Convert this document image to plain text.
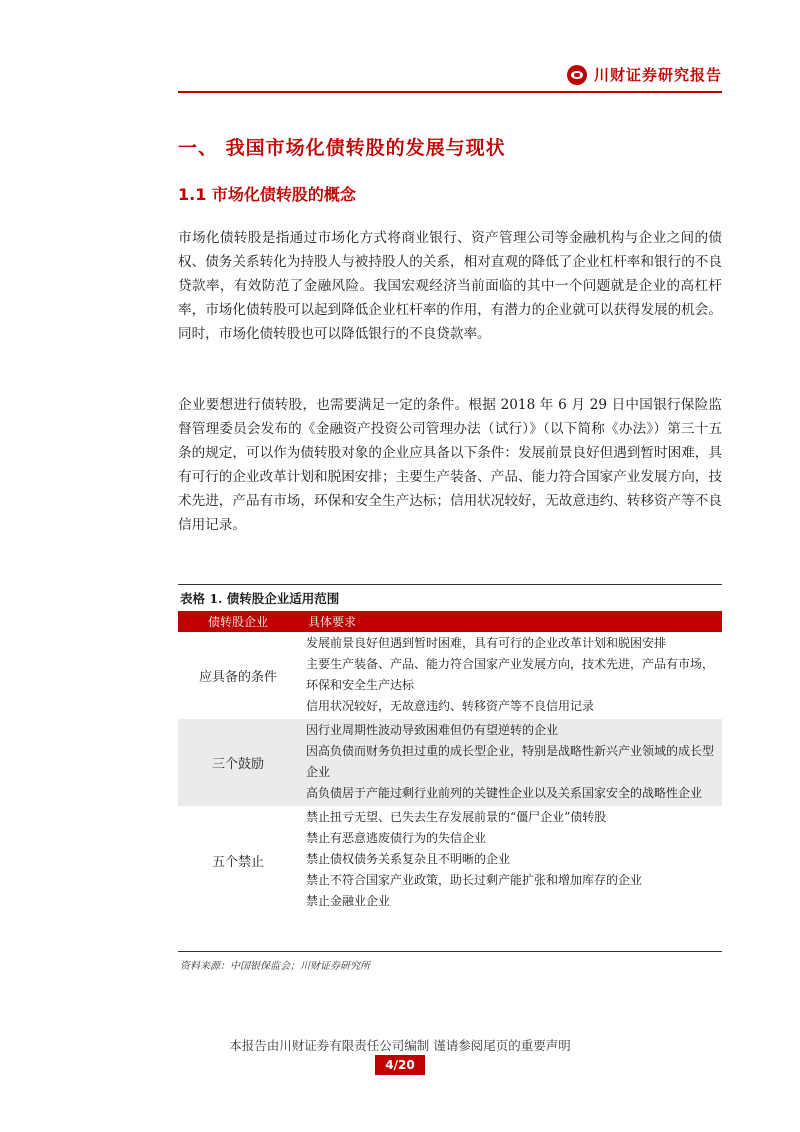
川财证券研究报告
一、 我国市场化债转股的发展与现状
1.1 市场化债转股的概念

市场化债转股是指通过市场化方式将商业银行、资产管理公司等金融机构与企业之间的债权、债务关系转化为持股人与被持股人的关系，相对直观的降低了企业杠杆率和银行的不良贷款率，有效防范了金融风险。我国宏观经济当前面临的其中一个问题就是企业的高杠杆率，市场化债转股可以起到降低企业杠杆率的作用，有潜力的企业就可以获得发展的机会。同时，市场化债转股也可以降低银行的不良贷款率。

企业要想进行债转股，也需要满足一定的条件。根据 2018 年 6 月 29 日中国银行保险监督管理委员会发布的《金融资产投资公司管理办法（试行）》（以下简称《办法》）第三十五条的规定，可以作为债转股对象的企业应具备以下条件：发展前景良好但遇到暂时困难，具有可行的企业改革计划和脱困安排；主要生产装备、产品、能力符合国家产业发展方向，技术先进，产品有市场，环保和安全生产达标；信用状况较好，无故意违约、转移资产等不良信用记录。

表格 1. 债转股企业适用范围
债转股企业	具体要求
应具备的条件	发展前景良好但遇到暂时困难，具有可行的企业改革计划和脱困安排
主要生产装备、产品、能力符合国家产业发展方向，技术先进，产品有市场，环保和安全生产达标
信用状况较好，无故意违约、转移资产等不良信用记录

三个鼓励	因行业周期性波动导致困难但仍有望逆转的企业
因高负债而财务负担过重的成长型企业，特别是战略性新兴产业领域的成长型企业
高负债居于产能过剩行业前列的关键性企业以及关系国家安全的战略性企业

五个禁止	禁止扭亏无望、已失去生存发展前景的“僵尸企业”债转股
禁止有恶意逃废债行为的失信企业
禁止债权债务关系复杂且不明晰的企业
禁止不符合国家产业政策，助长过剩产能扩张和增加库存的企业
禁止金融业企业
资料来源：中国银保监会；川财证券研究所
本报告由川财证券有限责任公司编制 谨请参阅尾页的重要声明
4/20
